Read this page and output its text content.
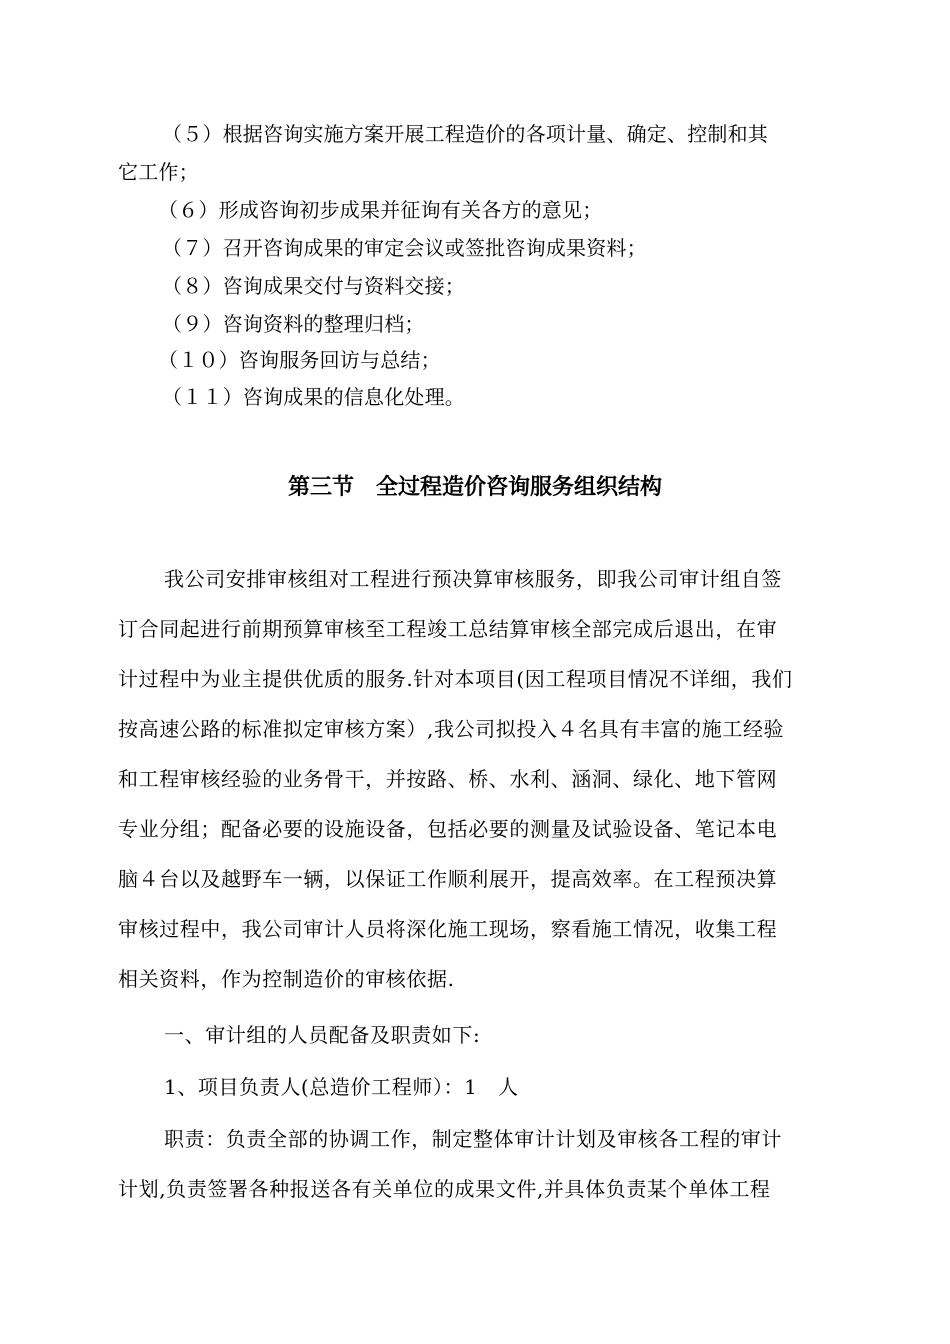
（５）根据咨询实施方案开展工程造价的各项计量、确定、控制和其
它工作；
（６）形成咨询初步成果并征询有关各方的意见；
（７）召开咨询成果的审定会议或签批咨询成果资料；
（８）咨询成果交付与资料交接；
（９）咨询资料的整理归档；
（１０）咨询服务回访与总结；
（１１）咨询成果的信息化处理。
第三节　全过程造价咨询服务组织结构
我公司安排审核组对工程进行预决算审核服务，即我公司审计组自签
订合同起进行前期预算审核至工程竣工总结算审核全部完成后退出，在审
计过程中为业主提供优质的服务.针对本项目(因工程项目情况不详细，我们
按高速公路的标准拟定审核方案）,我公司拟投入４名具有丰富的施工经验
和工程审核经验的业务骨干，并按路、桥、水利、涵洞、绿化、地下管网
专业分组；配备必要的设施设备，包括必要的测量及试验设备、笔记本电
脑４台以及越野车一辆，以保证工作顺利展开，提高效率。在工程预决算
审核过程中，我公司审计人员将深化施工现场，察看施工情况，收集工程
相关资料，作为控制造价的审核依据.
一、审计组的人员配备及职责如下:
1、项目负责人(总造价工程师）：1　人
职责：负责全部的协调工作，制定整体审计计划及审核各工程的审计
计划,负责签署各种报送各有关单位的成果文件,并具体负责某个单体工程
